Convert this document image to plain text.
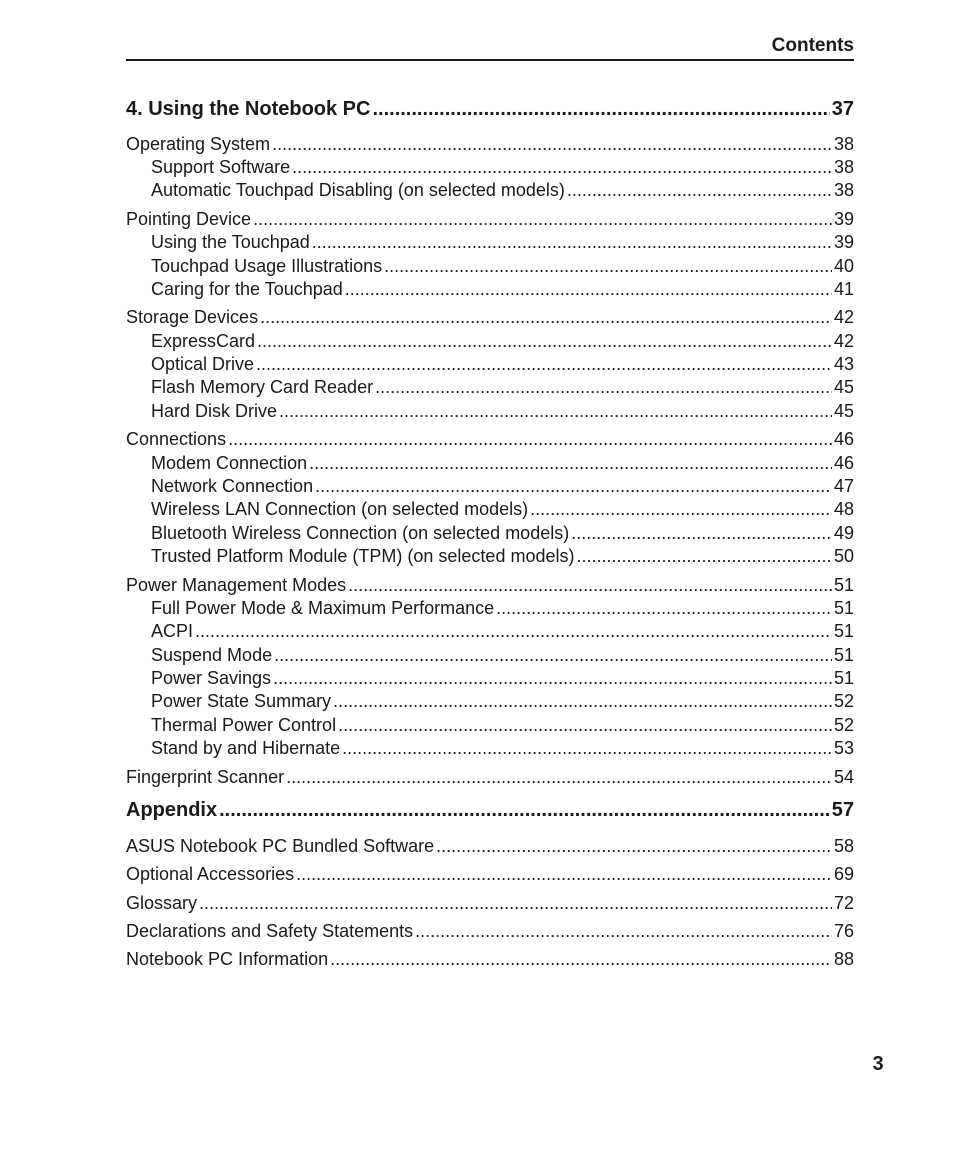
Contents
4. Using the Notebook PC .....	37
Operating System .....	38
Support Software .....	38
Automatic Touchpad Disabling (on selected models) .....	38
Pointing Device .....	39
Using the Touchpad .....	39
Touchpad Usage Illustrations .....	40
Caring for the Touchpad .....	41
Storage Devices .....	42
ExpressCard .....	42
Optical Drive .....	43
Flash Memory Card Reader .....	45
Hard Disk Drive .....	45
Connections .....	46
Modem Connection .....	46
Network Connection .....	47
Wireless LAN Connection (on selected models) .....	48
Bluetooth Wireless Connection (on selected models) .....	49
Trusted Platform Module (TPM) (on selected models) .....	50
Power Management Modes .....	51
Full Power Mode & Maximum Performance .....	51
ACPI .....	51
Suspend Mode .....	51
Power Savings .....	51
Power State Summary .....	52
Thermal Power Control .....	52
Stand by and Hibernate .....	53
Fingerprint Scanner .....	54
Appendix .....	57
ASUS Notebook PC Bundled Software .....	58
Optional Accessories .....	69
Glossary .....	72
Declarations and Safety Statements .....	76
Notebook PC Information .....	88
3
